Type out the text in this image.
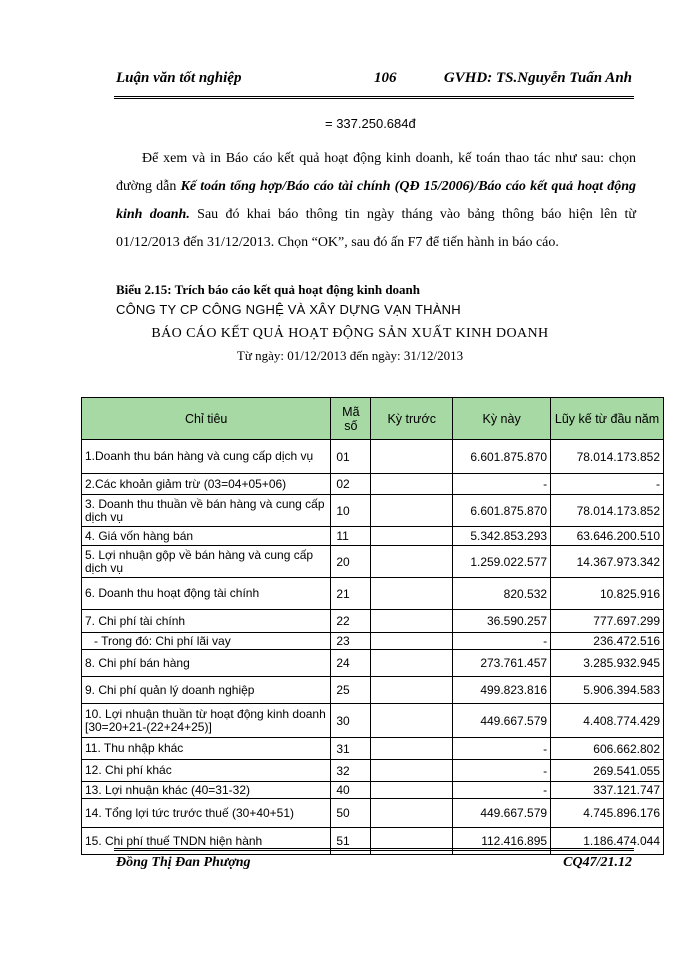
Luận văn tốt nghiệp	106	GVHD: TS.Nguyễn Tuấn Anh
= 337.250.684đ
Để xem và in Báo cáo kết quả hoạt động kinh doanh, kế toán thao tác như sau: chọn đường dẫn Kế toán tổng hợp/Báo cáo tài chính (QĐ 15/2006)/Báo cáo kết quả hoạt động kinh doanh. Sau đó khai báo thông tin ngày tháng vào bảng thông báo hiện lên từ 01/12/2013 đến 31/12/2013. Chọn “OK”, sau đó ấn F7 để tiến hành in báo cáo.
Biểu 2.15: Trích báo cáo kết quả hoạt động kinh doanh
CÔNG TY CP CÔNG NGHỆ VÀ XÂY DỰNG VẠN THÀNH
BÁO CÁO KẾT QUẢ HOẠT ĐỘNG SẢN XUẤT KINH DOANH
Từ ngày: 01/12/2013 đến ngày: 31/12/2013
Chỉ tiêu	Mã số	Kỳ trước	Kỳ này	Lũy kế từ đầu năm
1.Doanh thu bán hàng và cung cấp dịch vụ	01		6.601.875.870	78.014.173.852
2.Các khoản giảm trừ (03=04+05+06)	02		-	-
3. Doanh thu thuần về bán hàng và cung cấp dịch vụ	10		6.601.875.870	78.014.173.852
4. Giá vốn hàng bán	11		5.342.853.293	63.646.200.510
5. Lợi nhuận gộp về bán hàng và cung cấp dịch vụ	20		1.259.022.577	14.367.973.342
6. Doanh thu hoạt động tài chính	21		820.532	10.825.916
7. Chi phí tài chính	22		36.590.257	777.697.299
- Trong đó: Chi phí lãi vay	23		-	236.472.516
8. Chi phí bán hàng	24		273.761.457	3.285.932.945
9. Chi phí quản lý doanh nghiệp	25		499.823.816	5.906.394.583
10. Lợi nhuận thuần từ hoạt động kinh doanh [30=20+21-(22+24+25)]	30		449.667.579	4.408.774.429
11. Thu nhập khác	31		-	606.662.802
12. Chi phí khác	32		-	269.541.055
13. Lợi nhuận khác (40=31-32)	40		-	337.121.747
14. Tổng lợi tức trước thuế (30+40+51)	50		449.667.579	4.745.896.176
15. Chi phí thuế TNDN hiện hành	51		112.416.895	1.186.474.044
Đồng Thị Đan Phượng	CQ47/21.12
